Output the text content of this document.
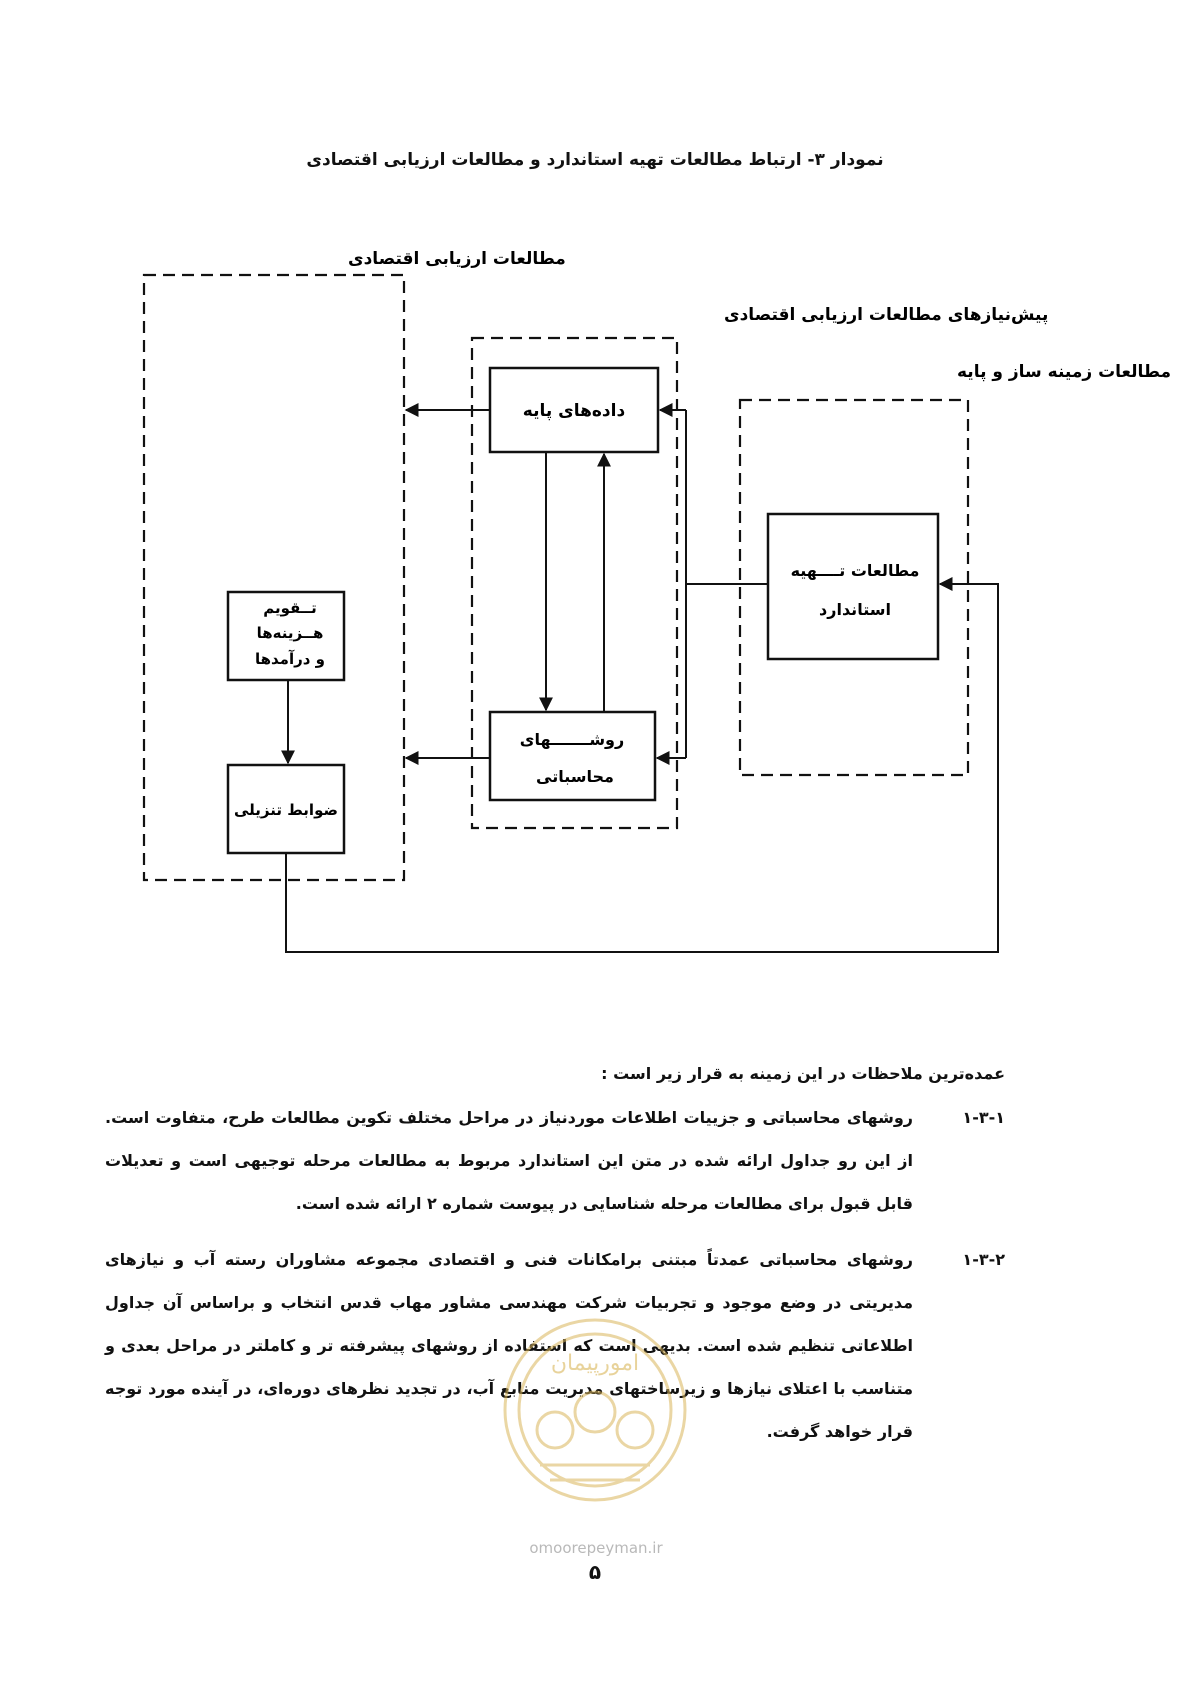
نمودار ۳- ارتباط مطالعات تهیه استاندارد و مطالعات ارزیابی اقتصادی
مطالعات ارزیابی اقتصادی
پیش‌نیازهای مطالعات ارزیابی اقتصادی
مطالعات زمینه ساز و پایه
داده‌های پایه
روشـــــــهای
محاسباتی
مطالعات تــــهیه
استاندارد
تــقویم
هــزینه‌ها
و درآمدها
ضوابط تنزیلی
عمده‌ترین ملاحظات در این زمینه به قرار زیر است :
۱-۳-۱
روشهای محاسباتی و جزییات اطلاعات موردنیاز در مراحل مختلف تکوین مطالعات طرح، متفاوت است. از این رو جداول ارائه شده در متن این استاندارد مربوط به مطالعات مرحله توجیهی است و تعدیلات قابل قبول برای مطالعات مرحله شناسایی در پیوست شماره ۲ ارائه شده است.
۱-۳-۲
روشهای محاسباتی عمدتاً مبتنی برامکانات فنی و اقتصادی مجموعه مشاوران رسته آب و نیازهای مدیریتی در وضع موجود و تجربیات شرکت مهندسی مشاور مهاب قدس انتخاب و براساس آن جداول اطلاعاتی تنظیم شده است. بدیهی است که استفاده از روشهای پیشرفته تر و کاملتر در مراحل بعدی و متناسب با اعتلای نیازها و زیرساختهای مدیریت منابع آب، در تجدید نظرهای دوره‌ای، در آینده مورد توجه قرار خواهد گرفت.
امورپیمان
omoorepeyman.ir
۵
